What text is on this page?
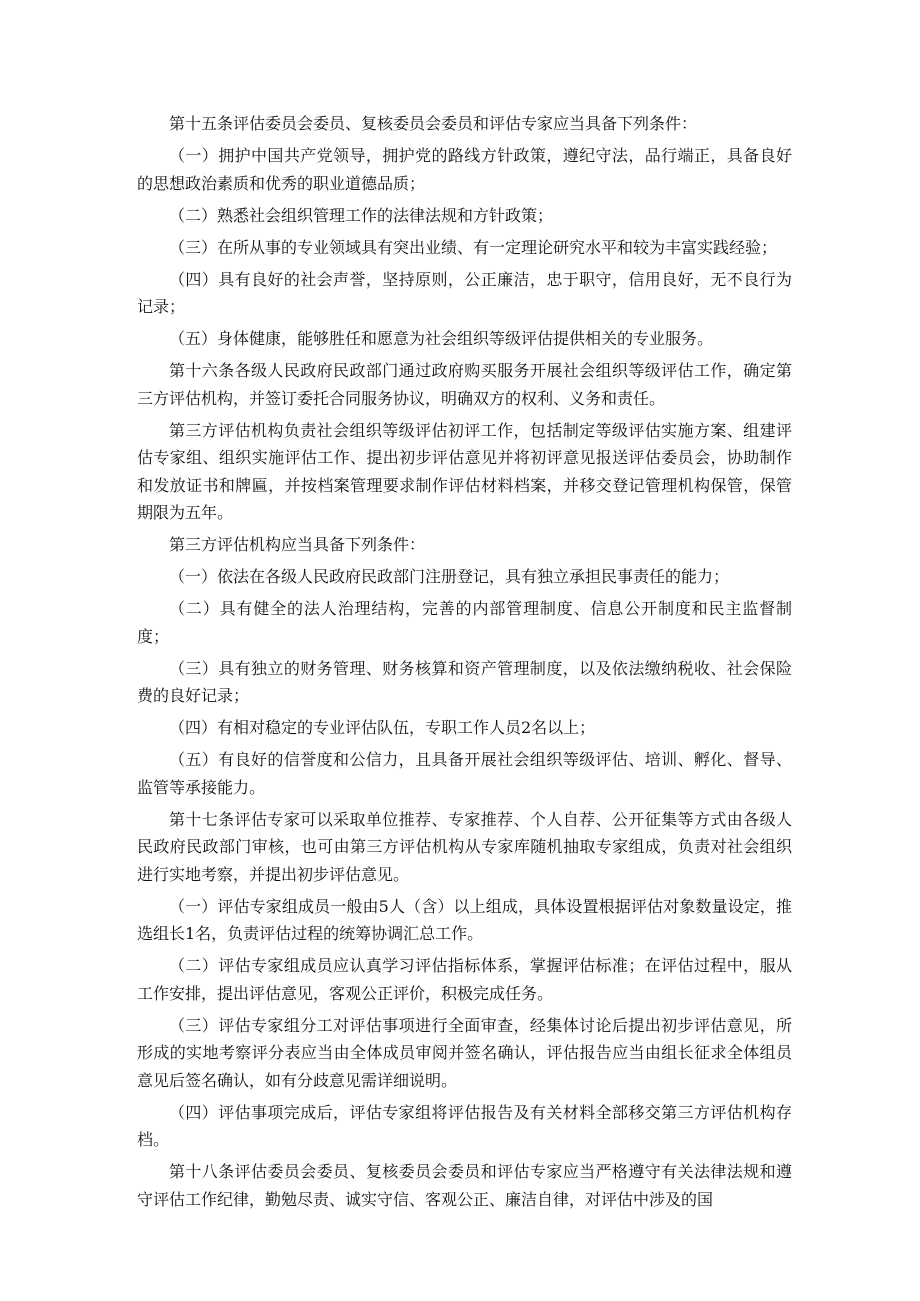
第十五条评估委员会委员、复核委员会委员和评估专家应当具备下列条件：

（一）拥护中国共产党领导，拥护党的路线方针政策，遵纪守法，品行端正，具备良好的思想政治素质和优秀的职业道德品质；

（二）熟悉社会组织管理工作的法律法规和方针政策；

（三）在所从事的专业领域具有突出业绩、有一定理论研究水平和较为丰富实践经验；

（四）具有良好的社会声誉，坚持原则，公正廉洁，忠于职守，信用良好，无不良行为记录；

（五）身体健康，能够胜任和愿意为社会组织等级评估提供相关的专业服务。

第十六条各级人民政府民政部门通过政府购买服务开展社会组织等级评估工作，确定第三方评估机构，并签订委托合同服务协议，明确双方的权利、义务和责任。

第三方评估机构负责社会组织等级评估初评工作，包括制定等级评估实施方案、组建评估专家组、组织实施评估工作、提出初步评估意见并将初评意见报送评估委员会，协助制作和发放证书和牌匾，并按档案管理要求制作评估材料档案，并移交登记管理机构保管，保管期限为五年。

第三方评估机构应当具备下列条件：

（一）依法在各级人民政府民政部门注册登记，具有独立承担民事责任的能力；

（二）具有健全的法人治理结构，完善的内部管理制度、信息公开制度和民主监督制度；

（三）具有独立的财务管理、财务核算和资产管理制度，以及依法缴纳税收、社会保险费的良好记录；

（四）有相对稳定的专业评估队伍，专职工作人员2名以上；

（五）有良好的信誉度和公信力，且具备开展社会组织等级评估、培训、孵化、督导、监管等承接能力。

第十七条评估专家可以采取单位推荐、专家推荐、个人自荐、公开征集等方式由各级人民政府民政部门审核，也可由第三方评估机构从专家库随机抽取专家组成，负责对社会组织进行实地考察，并提出初步评估意见。

（一）评估专家组成员一般由5人（含）以上组成，具体设置根据评估对象数量设定，推选组长1名，负责评估过程的统筹协调汇总工作。

（二）评估专家组成员应认真学习评估指标体系，掌握评估标准；在评估过程中，服从工作安排，提出评估意见，客观公正评价，积极完成任务。

（三）评估专家组分工对评估事项进行全面审查，经集体讨论后提出初步评估意见，所形成的实地考察评分表应当由全体成员审阅并签名确认，评估报告应当由组长征求全体组员意见后签名确认，如有分歧意见需详细说明。

（四）评估事项完成后，评估专家组将评估报告及有关材料全部移交第三方评估机构存档。

第十八条评估委员会委员、复核委员会委员和评估专家应当严格遵守有关法律法规和遵守评估工作纪律，勤勉尽责、诚实守信、客观公正、廉洁自律，对评估中涉及的国
